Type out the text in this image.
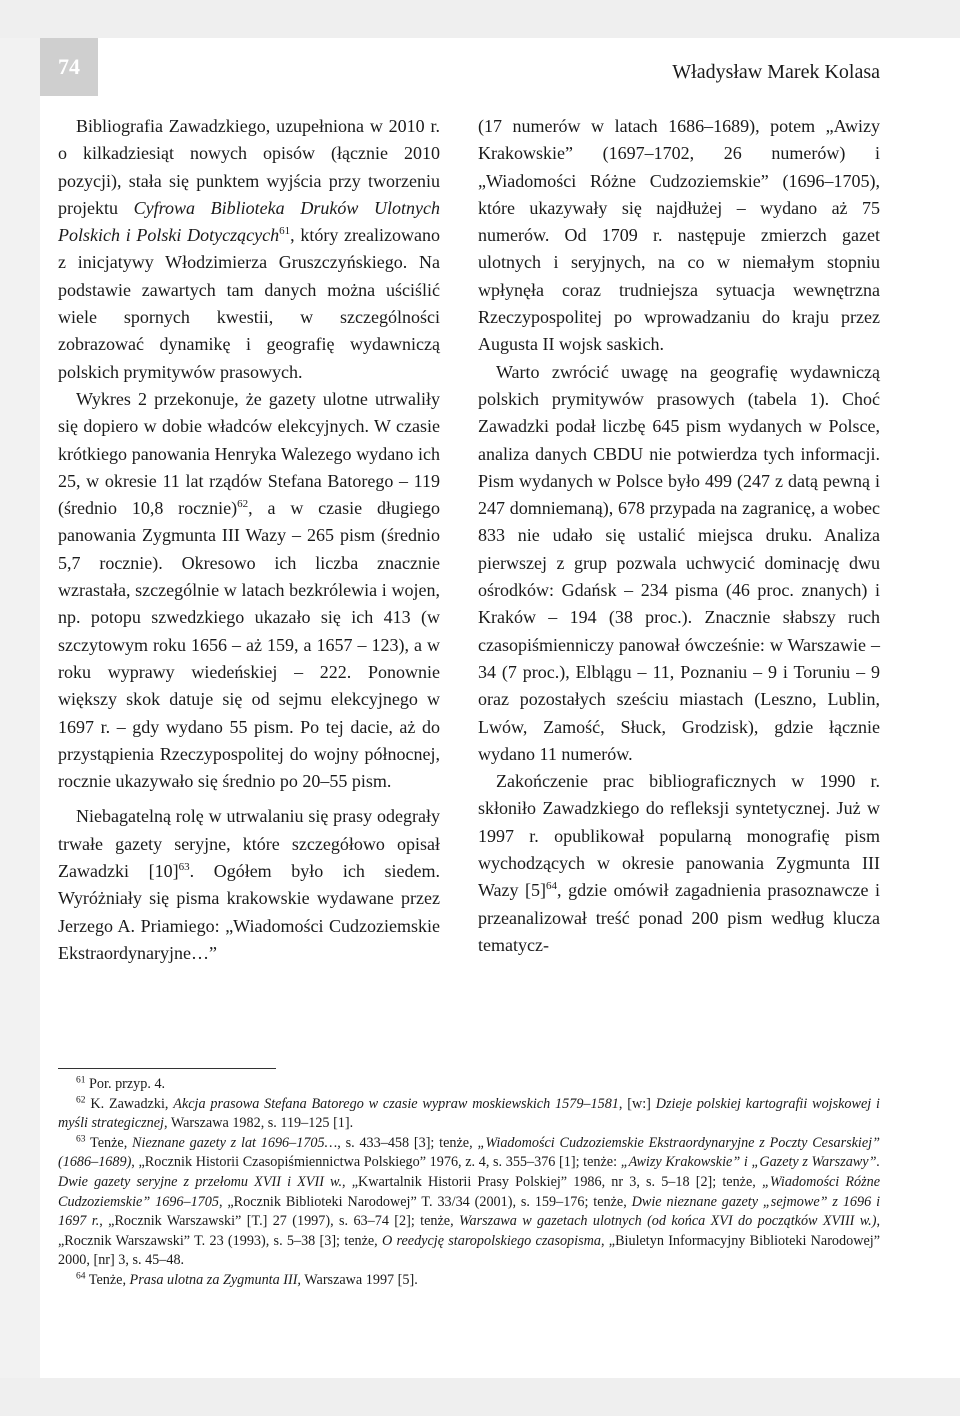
74	Władysław Marek Kolasa

Bibliografia Zawadzkiego, uzupełniona w 2010 r. o kilkadziesiąt nowych opisów (łącznie 2010 pozycji), stała się punktem wyjścia przy tworzeniu projektu Cyfrowa Biblioteka Druków Ulotnych Polskich i Polski Dotyczących$^{61}$, który zrealizowano z inicjatywy Włodzimierza Gruszczyńskiego. Na podstawie zawartych tam danych można uściślić wiele spornych kwestii, w szczególności zobrazować dynamikę i geografię wydawniczą polskich prymitywów prasowych.

Wykres 2 przekonuje, że gazety ulotne utrwaliły się dopiero w dobie władców elekcyjnych. W czasie krótkiego panowania Henryka Walezego wydano ich 25, w okresie 11 lat rządów Stefana Batorego – 119 (średnio 10,8 rocznie)$^{62}$, a w czasie długiego panowania Zygmunta III Wazy – 265 pism (średnio 5,7 rocznie). Okresowo ich liczba znacznie wzrastała, szczególnie w latach bezkrólewia i wojen, np. potopu szwedzkiego ukazało się ich 413 (w szczytowym roku 1656 – aż 159, a 1657 – 123), a w roku wyprawy wiedeńskiej – 222. Ponownie większy skok datuje się od sejmu elekcyjnego w 1697 r. – gdy wydano 55 pism. Po tej dacie, aż do przystąpienia Rzeczypospolitej do wojny północnej, rocznie ukazywało się średnio po 20–55 pism.

Niebagatelną rolę w utrwalaniu się prasy odegrały trwałe gazety seryjne, które szczegółowo opisał Zawadzki $[10]^{63}$. Ogółem było ich siedem. Wyróżniały się pisma krakowskie wydawane przez Jerzego A. Priamiego: „Wiadomości Cudzoziemskie Ekstraordynaryjne…”

(17 numerów w latach 1686–1689), potem „Awizy Krakowskie” (1697–1702, 26 numerów) i „Wiadomości Różne Cudzoziemskie” (1696–1705), które ukazywały się najdłużej – wydano aż 75 numerów. Od 1709 r. następuje zmierzch gazet ulotnych i seryjnych, na co w niemałym stopniu wpłynęła coraz trudniejsza sytuacja wewnętrzna Rzeczypospolitej po wprowadzaniu do kraju przez Augusta II wojsk saskich.

Warto zwrócić uwagę na geografię wydawniczą polskich prymitywów prasowych (tabela 1). Choć Zawadzki podał liczbę 645 pism wydanych w Polsce, analiza danych CBDU nie potwierdza tych informacji. Pism wydanych w Polsce było 499 (247 z datą pewną i 247 domniemaną), 678 przypada na zagranicę, a wobec 833 nie udało się ustalić miejsca druku. Analiza pierwszej z grup pozwala uchwycić dominację dwu ośrodków: Gdańsk – 234 pisma (46 proc. znanych) i Kraków – 194 (38 proc.). Znacznie słabszy ruch czasopiśmienniczy panował ówcześnie: w Warszawie – 34 (7 proc.), Elblągu – 11, Poznaniu – 9 i Toruniu – 9 oraz pozostałych sześciu miastach (Leszno, Lublin, Lwów, Zamość, Słuck, Grodzisk), gdzie łącznie wydano 11 numerów.

Zakończenie prac bibliograficznych w 1990 r. skłoniło Zawadzkiego do refleksji syntetycznej. Już w 1997 r. opublikował popularną monografię pism wychodzących w okresie panowania Zygmunta III Wazy $[5]^{64}$, gdzie omówił zagadnienia prasoznawcze i przeanalizował treść ponad 200 pism według klucza tematycz-

$^{61}$ Por. przyp. 4.

$^{62}$ K. Zawadzki, Akcja prasowa Stefana Batorego w czasie wypraw moskiewskich 1579–1581, [w:] Dzieje polskiej kartografii wojskowej i myśli strategicznej, Warszawa 1982, s. 119–125 [1].

$^{63}$ Tenże, Nieznane gazety z lat 1696–1705…, s. 433–458 [3]; tenże, „Wiadomości Cudzoziemskie Ekstraordynaryjne z Poczty Cesarskiej” (1686–1689), „Rocznik Historii Czasopiśmiennictwa Polskiego” 1976, z. 4, s. 355–376 [1]; tenże: „Awizy Krakowskie” i „Gazety z Warszawy”. Dwie gazety seryjne z przełomu XVII i XVII w., „Kwartalnik Historii Prasy Polskiej” 1986, nr 3, s. 5–18 [2]; tenże, „Wiadomości Różne Cudzoziemskie” 1696–1705, „Rocznik Biblioteki Narodowej” T. 33/34 (2001), s. 159–176; tenże, Dwie nieznane gazety „sejmowe” z 1696 i 1697 r., „Rocznik Warszawski” [T.] 27 (1997), s. 63–74 [2]; tenże, Warszawa w gazetach ulotnych (od końca XVI do początków XVIII w.), „Rocznik Warszawski” T. 23 (1993), s. 5–38 [3]; tenże, O reedycję staropolskiego czasopisma, „Biuletyn Informacyjny Biblioteki Narodowej” 2000, [nr] 3, s. 45–48.

$^{64}$ Tenże, Prasa ulotna za Zygmunta III, Warszawa 1997 [5].
